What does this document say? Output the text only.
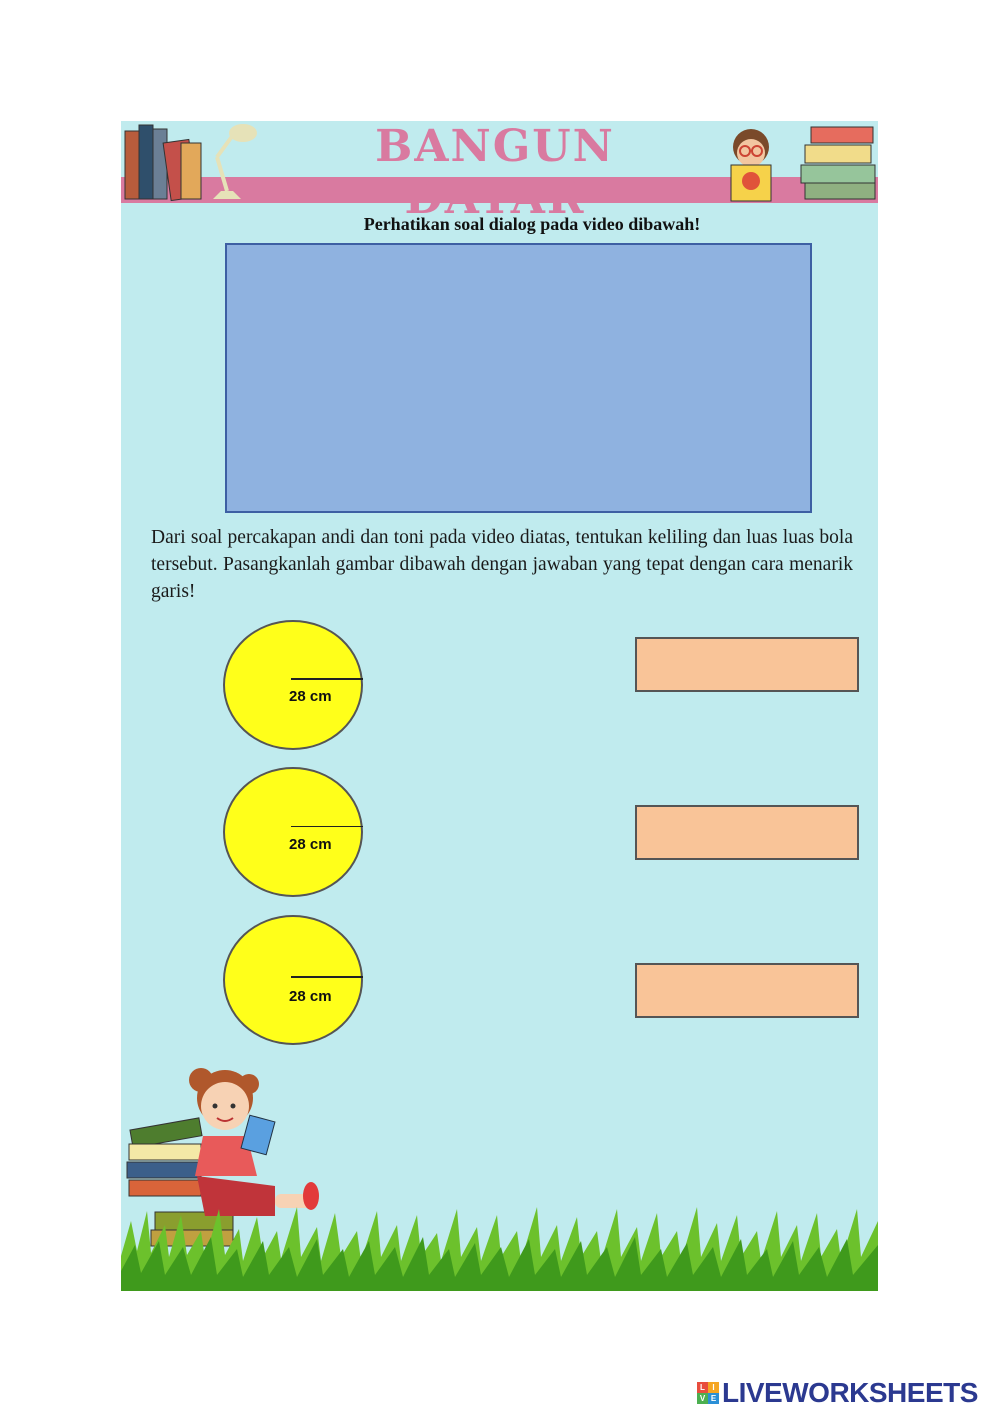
BANGUN DATAR
Perhatikan soal dialog pada video dibawah!
Dari soal percakapan andi dan toni pada video diatas, tentukan keliling dan luas luas bola tersebut. Pasangkanlah gambar dibawah dengan jawaban yang tepat dengan cara menarik garis!
28 cm
28 cm
28 cm
L I
V E LIVEWORKSHEETS
